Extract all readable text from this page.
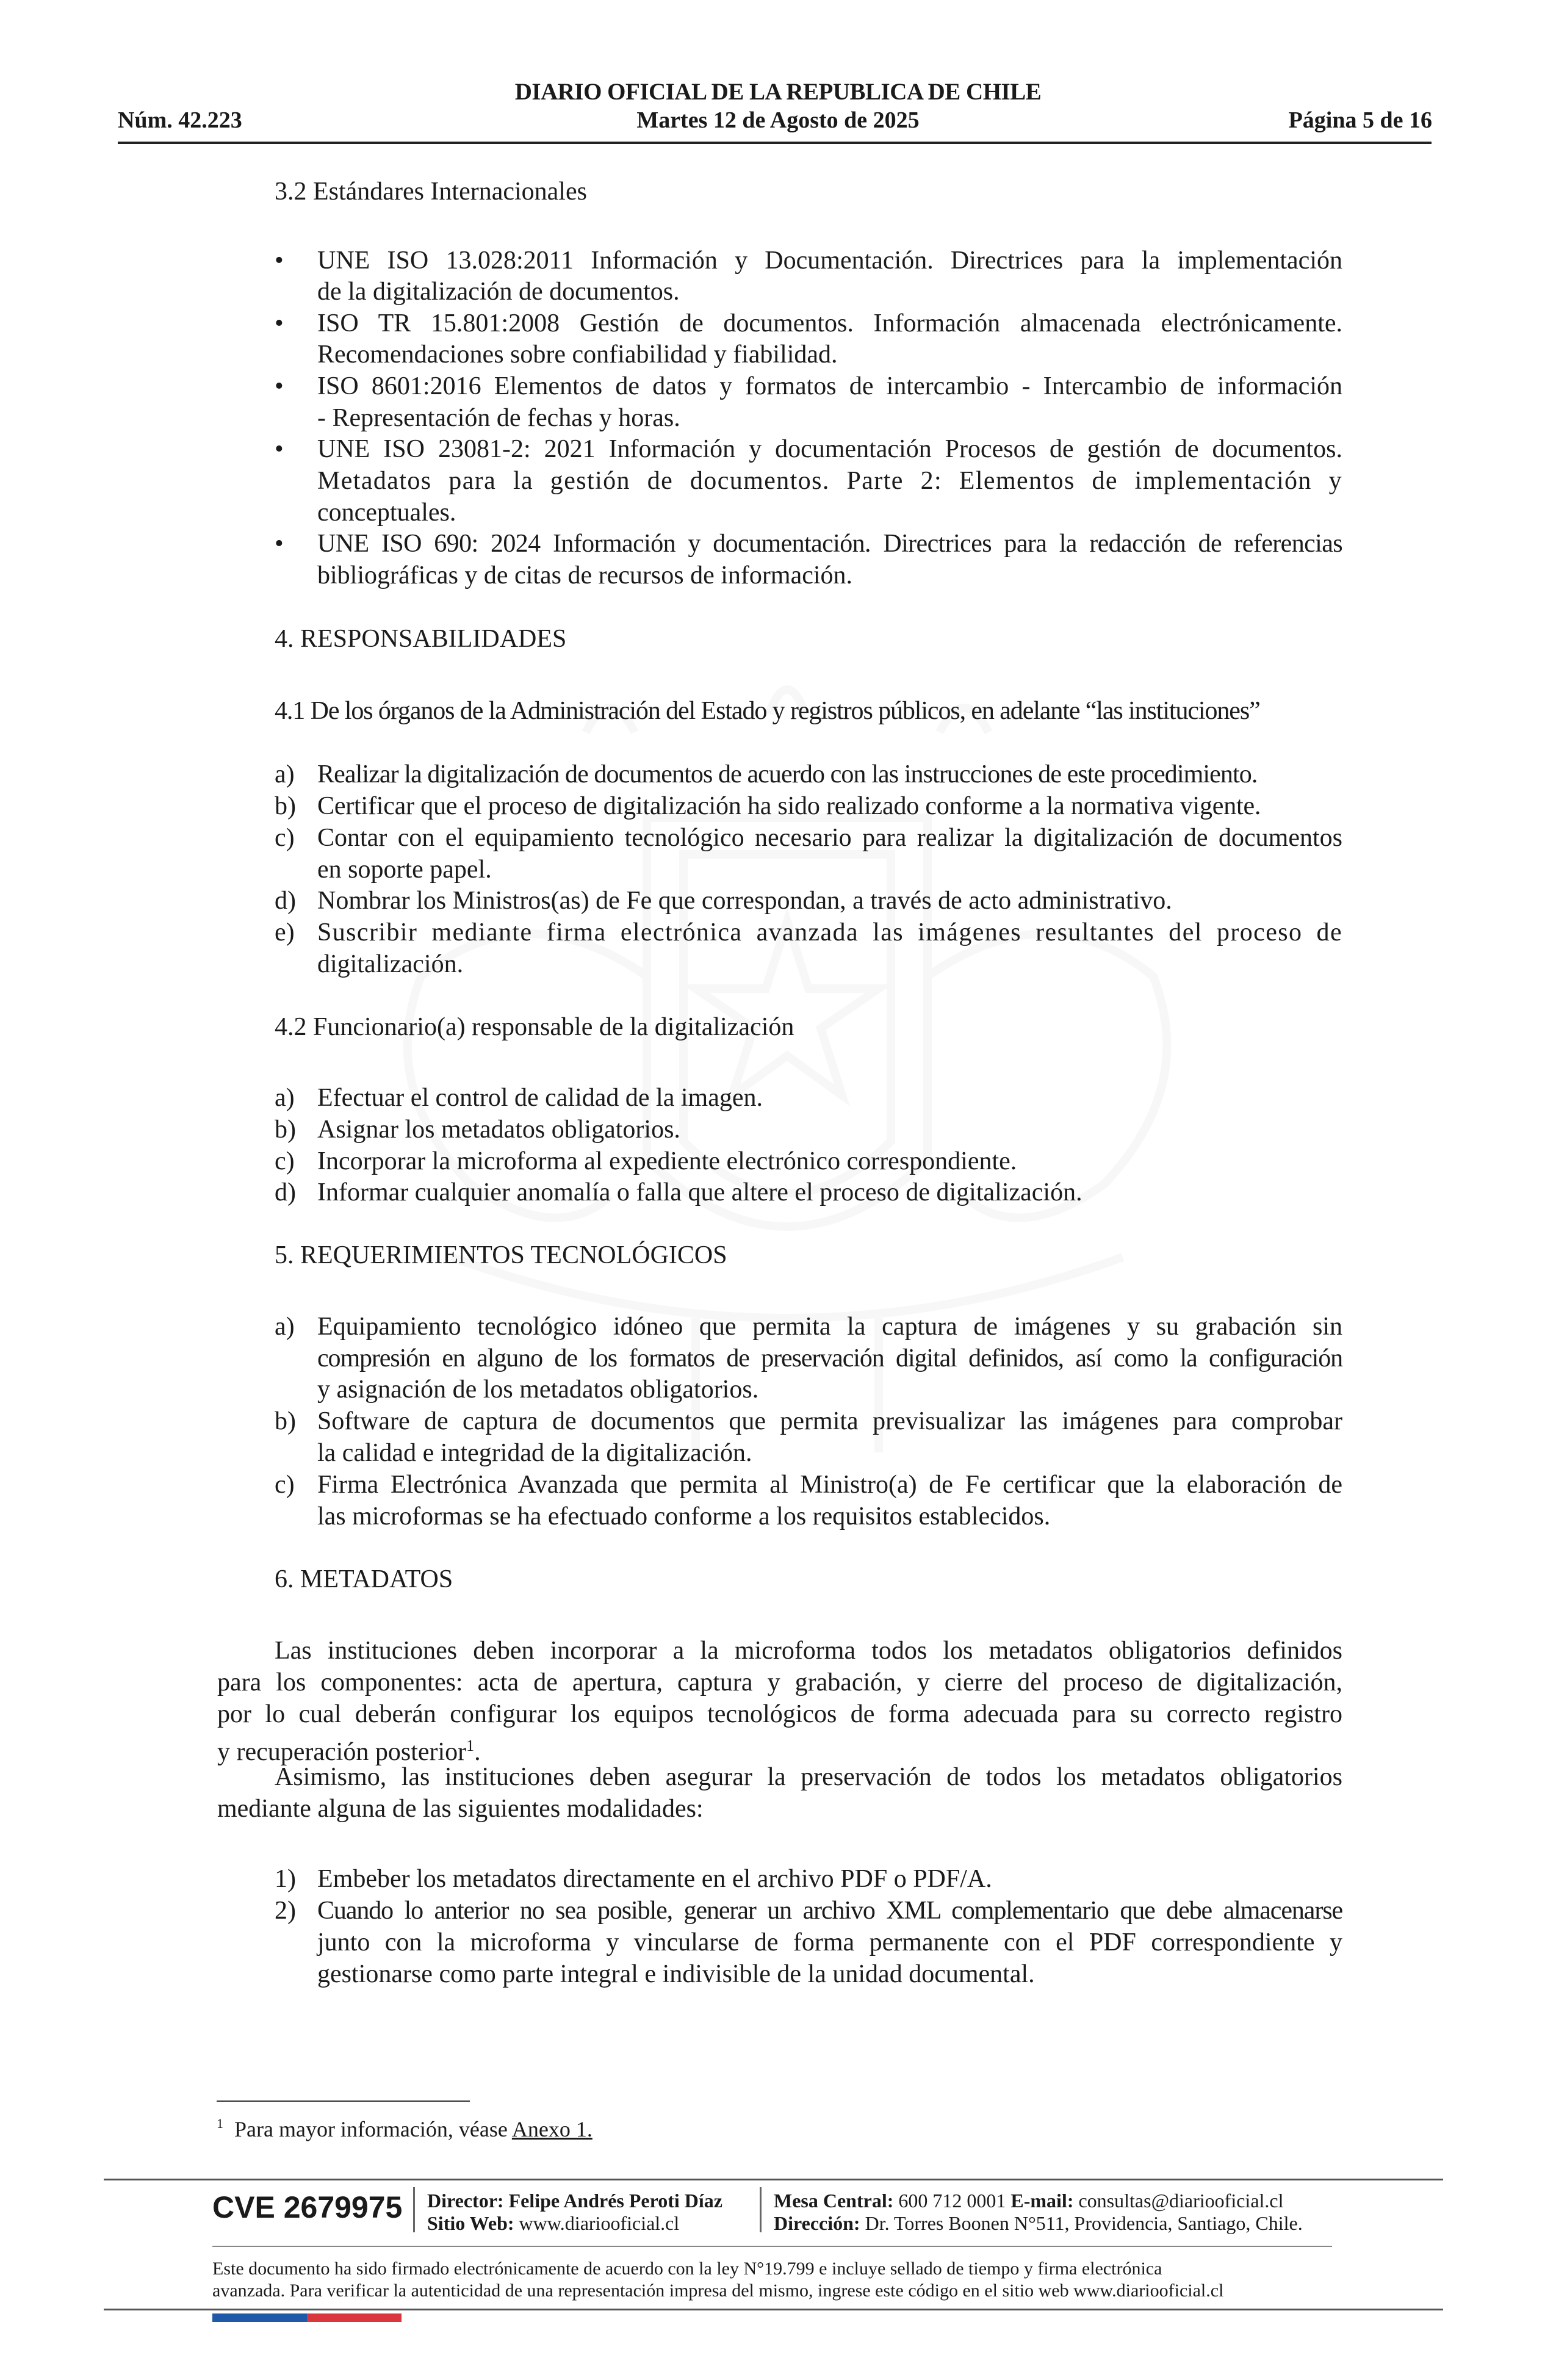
DIARIO OFICIAL DE LA REPUBLICA DE CHILE
Núm. 42.223	Martes 12 de Agosto de 2025	Página 5 de 16
3.2 Estándares Internacionales
• UNE ISO 13.028:2011 Información y Documentación. Directrices para la implementación
de la digitalización de documentos.
• ISO TR 15.801:2008 Gestión de documentos. Información almacenada electrónicamente.
Recomendaciones sobre confiabilidad y fiabilidad.
• ISO 8601:2016 Elementos de datos y formatos de intercambio - Intercambio de información
- Representación de fechas y horas.
• UNE ISO 23081-2: 2021 Información y documentación Procesos de gestión de documentos.
Metadatos para la gestión de documentos. Parte 2: Elementos de implementación y
conceptuales.
• UNE ISO 690: 2024 Información y documentación. Directrices para la redacción de referencias
bibliográficas y de citas de recursos de información.
4. RESPONSABILIDADES
4.1 De los órganos de la Administración del Estado y registros públicos, en adelante “las instituciones”
a) Realizar la digitalización de documentos de acuerdo con las instrucciones de este procedimiento.
b) Certificar que el proceso de digitalización ha sido realizado conforme a la normativa vigente.
c) Contar con el equipamiento tecnológico necesario para realizar la digitalización de documentos
en soporte papel.
d) Nombrar los Ministros(as) de Fe que correspondan, a través de acto administrativo.
e) Suscribir mediante firma electrónica avanzada las imágenes resultantes del proceso de
digitalización.
4.2 Funcionario(a) responsable de la digitalización
a) Efectuar el control de calidad de la imagen.
b) Asignar los metadatos obligatorios.
c) Incorporar la microforma al expediente electrónico correspondiente.
d) Informar cualquier anomalía o falla que altere el proceso de digitalización.
5. REQUERIMIENTOS TECNOLÓGICOS
a) Equipamiento tecnológico idóneo que permita la captura de imágenes y su grabación sin
compresión en alguno de los formatos de preservación digital definidos, así como la configuración
y asignación de los metadatos obligatorios.
b) Software de captura de documentos que permita previsualizar las imágenes para comprobar
la calidad e integridad de la digitalización.
c) Firma Electrónica Avanzada que permita al Ministro(a) de Fe certificar que la elaboración de
las microformas se ha efectuado conforme a los requisitos establecidos.
6. METADATOS
Las instituciones deben incorporar a la microforma todos los metadatos obligatorios definidos
para los componentes: acta de apertura, captura y grabación, y cierre del proceso de digitalización,
por lo cual deberán configurar los equipos tecnológicos de forma adecuada para su correcto registro
y recuperación posterior$^1$.
Asimismo, las instituciones deben asegurar la preservación de todos los metadatos obligatorios
mediante alguna de las siguientes modalidades:
1) Embeber los metadatos directamente en el archivo PDF o PDF/A.
2) Cuando lo anterior no sea posible, generar un archivo XML complementario que debe almacenarse
junto con la microforma y vincularse de forma permanente con el PDF correspondiente y
gestionarse como parte integral e indivisible de la unidad documental.
$^1$ Para mayor información, véase Anexo 1.
CVE 2679975 Director: Felipe Andrés Peroti Díaz
Sitio Web: www.diariooficial.cl
Mesa Central: 600 712 0001 E-mail: consultas@diariooficial.cl
Dirección: Dr. Torres Boonen N°511, Providencia, Santiago, Chile.
Este documento ha sido firmado electrónicamente de acuerdo con la ley N°19.799 e incluye sellado de tiempo y firma electrónica
avanzada. Para verificar la autenticidad de una representación impresa del mismo, ingrese este código en el sitio web www.diariooficial.cl
